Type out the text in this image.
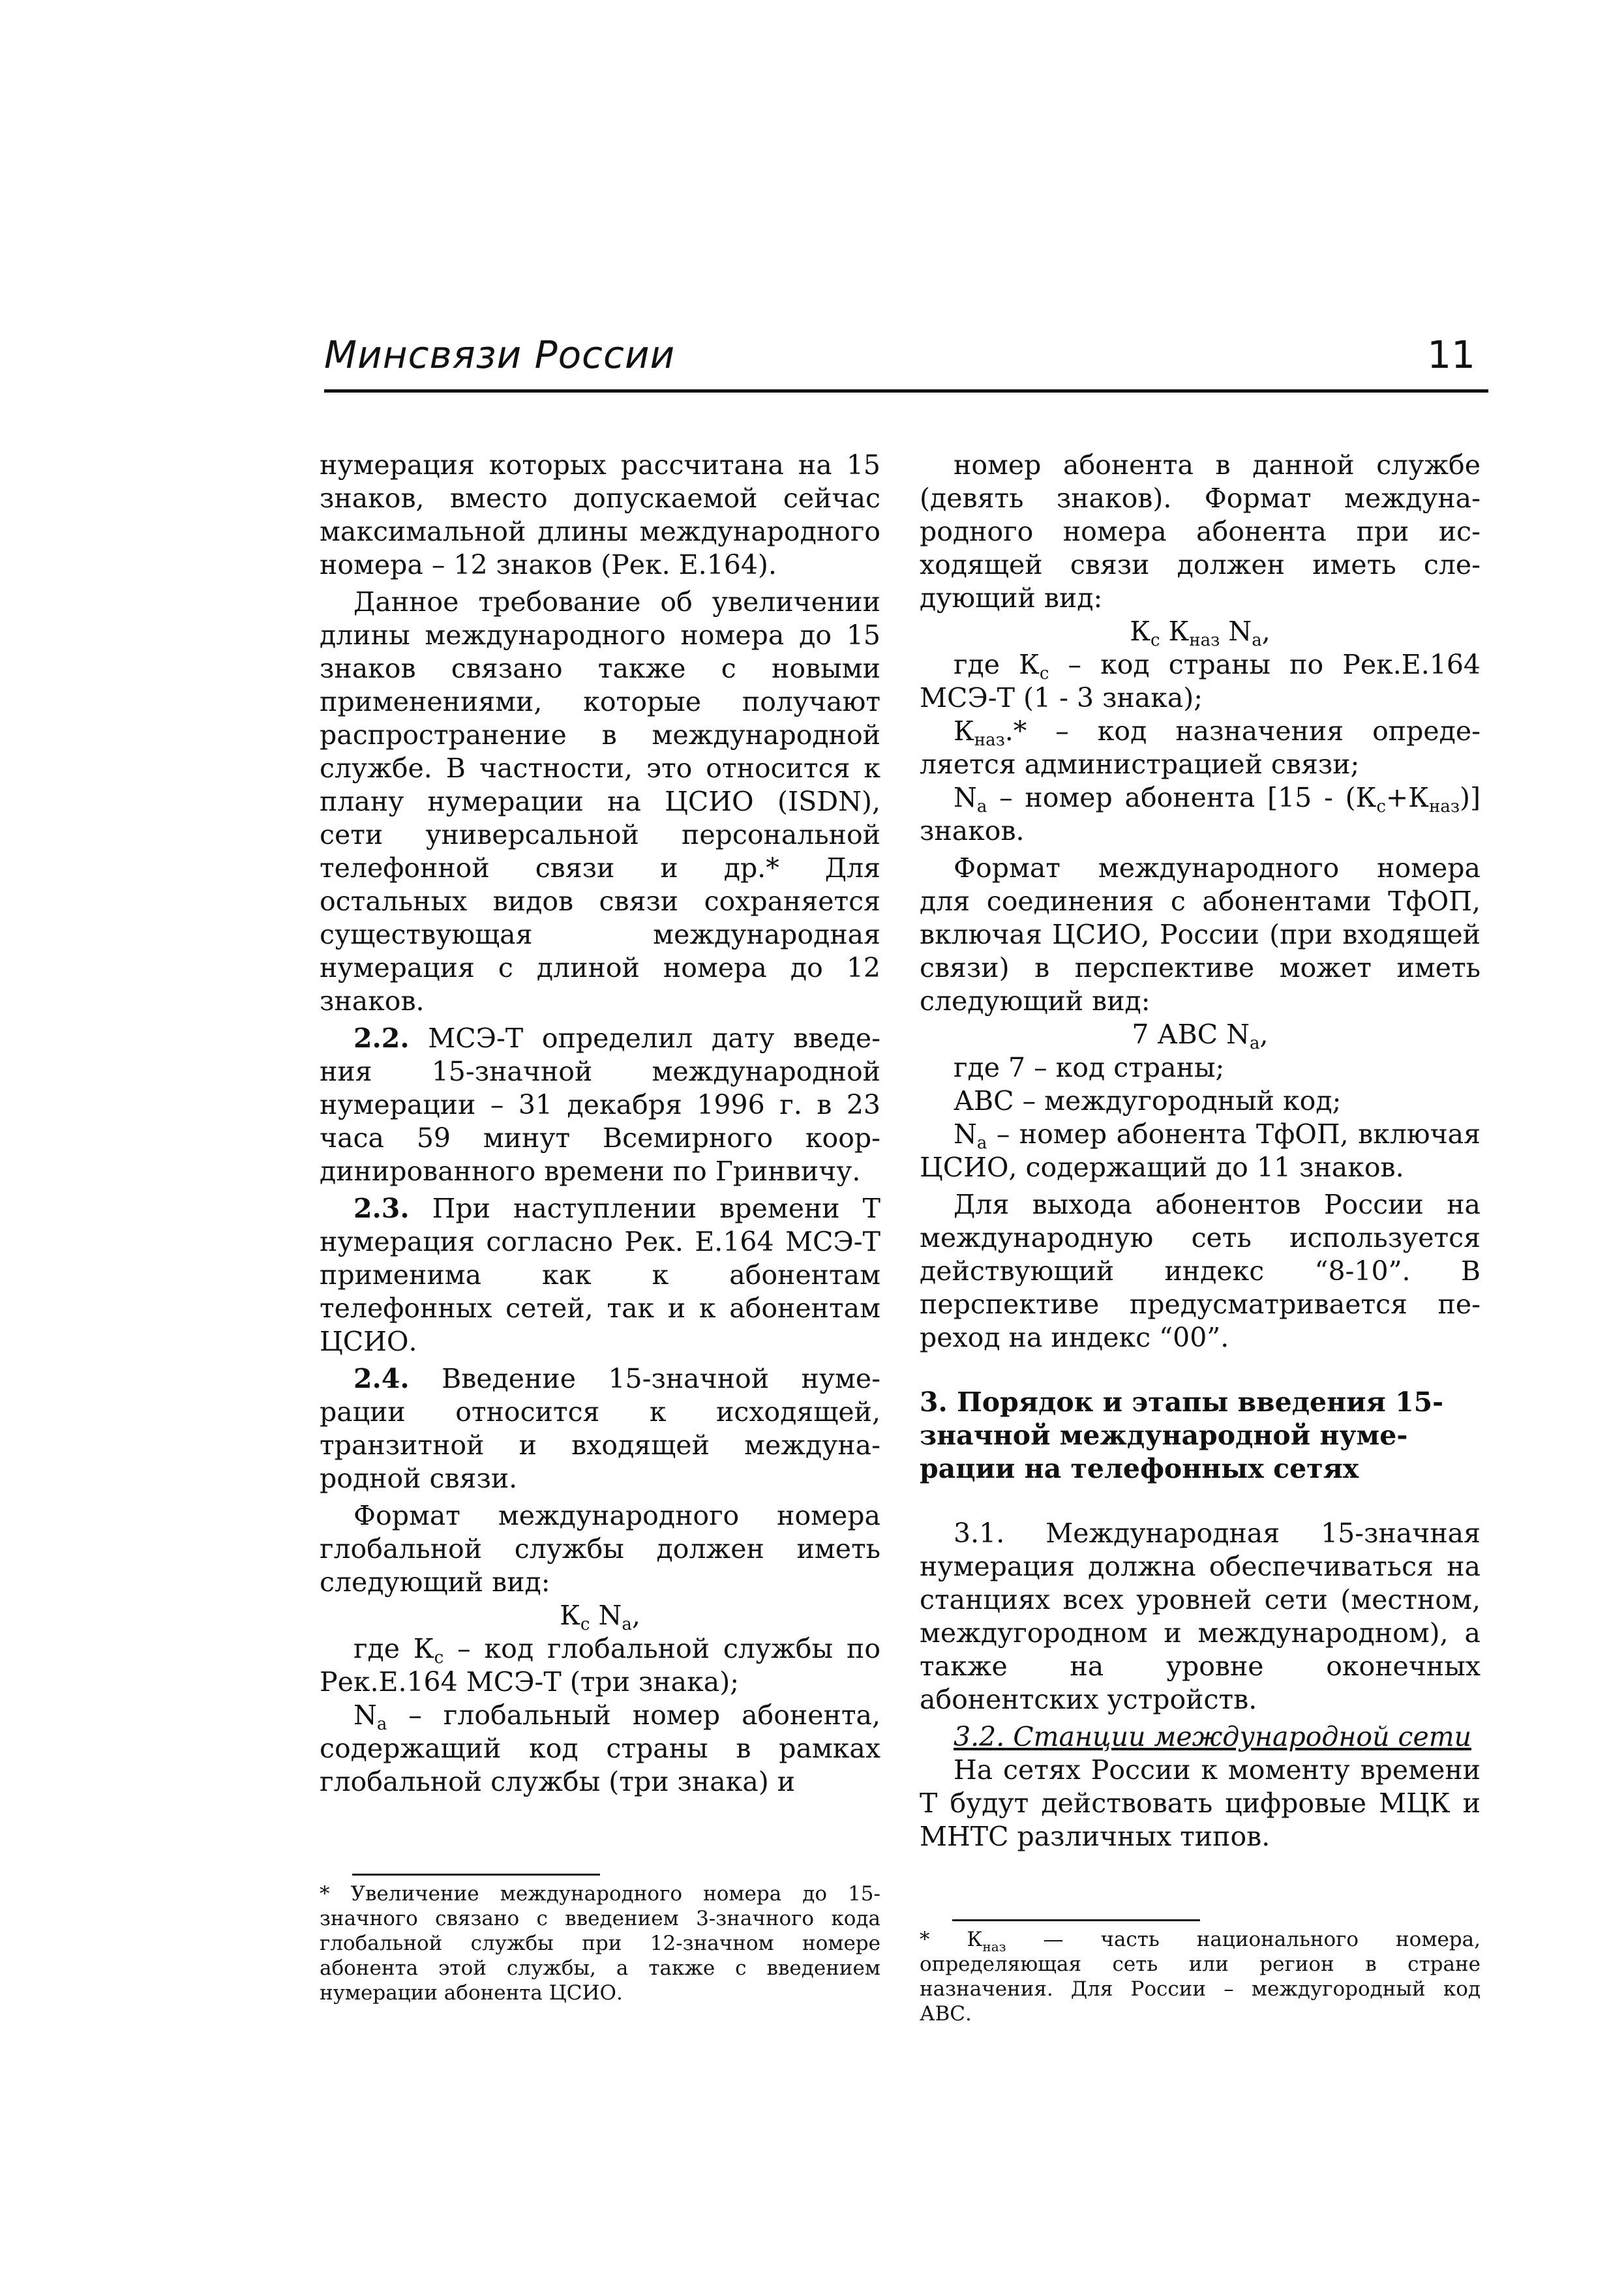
Минсвязи России	11

нумерация которых рассчитана на 15 знаков, вместо допускаемой сейчас максимальной длины международного номера – 12 знаков (Рек. Е.164).

Данное требование об увеличении длины международного номера до 15 знаков связано также с новыми применениями, которые получают распространение в международной службе. В частности, это относится к плану нумерации на ЦСИО (ISDN), сети универсальной персональной телефонной связи и др.* Для остальных видов связи сохраняется существующая международная нумерация с длиной номера до 12 знаков.

2.2. МСЭ-Т определил дату введения 15-значной международной нумерации – 31 декабря 1996 г. в 23 часа 59 минут Всемирного координированного времени по Гринвичу.

2.3. При наступлении времени Т нумерация согласно Рек. Е.164 МСЭ-Т применима как к абонентам телефонных сетей, так и к абонентам ЦСИО.

2.4. Введение 15-значной нумерации относится к исходящей, транзитной и входящей международной связи.

Формат международного номера глобальной службы должен иметь следующий вид:

$К_с$ $N_а$,

где $К_с$ – код глобальной службы по Рек.Е.164 МСЭ-Т (три знака);

$N_а$ – глобальный номер абонента, содержащий код страны в рамках глобальной службы (три знака) и

* Увеличение международного номера до 15-значного связано с введением 3-значного кода глобальной службы при 12-значном номере абонента этой службы, а также с введением нумерации абонента ЦСИО.

номер абонента в данной службе (девять знаков). Формат международного номера абонента при исходящей связи должен иметь следующий вид:

$К_с$ $К_{наз}$ $N_а$,

где $К_с$ – код страны по Рек.Е.164 МСЭ-Т (1 - 3 знака);

$К_{наз}.*$ – код назначения определяется администрацией связи;

$N_а$ – номер абонента $[15 - (К_с+К_{наз})]$ знаков.

Формат международного номера для соединения с абонентами ТфОП, включая ЦСИО, России (при входящей связи) в перспективе может иметь следующий вид:

7 АВС $N_а$,

где 7 – код страны;

АВС – междугородный код;

$N_а$ – номер абонента ТфОП, включая ЦСИО, содержащий до 11 знаков.

Для выхода абонентов России на международную сеть используется действующий индекс “8-10”. В перспективе предусматривается переход на индекс “00”.

3. Порядок и этапы введения 15-значной международной нумерации на телефонных сетях

3.1. Международная 15-значная нумерация должна обеспечиваться на станциях всех уровней сети (местном, междугородном и международном), а также на уровне оконечных абонентских устройств.

3.2. Станции международной сети

На сетях России к моменту времени Т будут действовать цифровые МЦК и МНТС различных типов.

* $К_{наз}$ — часть национального номера, определяющая сеть или регион в стране назначения. Для России – междугородный код АВС.
